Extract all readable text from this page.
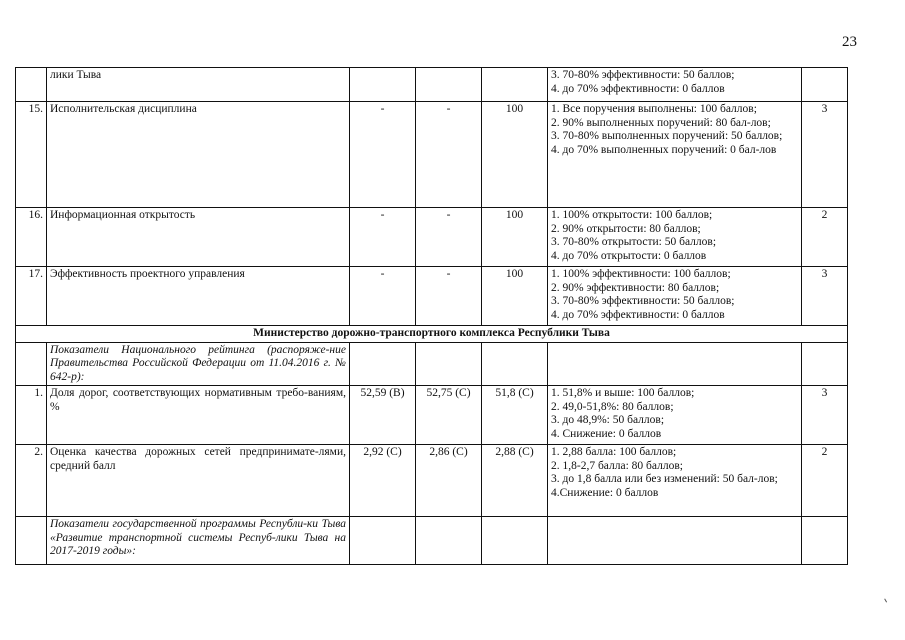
23
	лики Тыва				3. 70-80% эффективности: 50 баллов;
4. до 70% эффективности: 0 баллов	

15.	Исполнительская дисциплина	-	-	100	1. Все поручения выполнены: 100 баллов;
2. 90% выполненных поручений: 80 бал-лов;
3. 70-80% выполненных поручений: 50 баллов;
4. до 70% выполненных поручений: 0 бал-лов	3
16.	Информационная открытость	-	-	100	1. 100% открытости: 100 баллов;
2. 90% открытости: 80 баллов;
3. 70-80% открытости: 50 баллов;
4. до 70% открытости: 0 баллов	2
17.	Эффективность проектного управления	-	-	100	1. 100% эффективности: 100 баллов;
2. 90% эффективности: 80 баллов;
3. 70-80% эффективности: 50 баллов;
4. до 70% эффективности: 0 баллов	3
Министерство дорожно-транспортного комплекса Республики Тыва						
	Показатели Национального рейтинга (распоряже-ние Правительства Российской Федерации от 11.04.2016 г. № 642-р):					
1.	Доля дорог, соответствующих нормативным требо-ваниям, %	52,59 (В)	52,75 (С)	51,8 (С)	1. 51,8% и выше: 100 баллов;
2. 49,0-51,8%: 80 баллов;
3. до 48,9%: 50 баллов;
4. Снижение: 0 баллов	3
2.	Оценка качества дорожных сетей предпринимате-лями, средний балл	2,92 (С)	2,86 (С)	2,88 (С)	1. 2,88 балла: 100 баллов;
2. 1,8-2,7 балла: 80 баллов;
3. до 1,8 балла или без изменений: 50 бал-лов;
4.Снижение: 0 баллов	2
	Показатели государственной программы Республи-ки Тыва «Развитие транспортной системы Респуб-лики Тыва на 2017-2019 годы»:					
